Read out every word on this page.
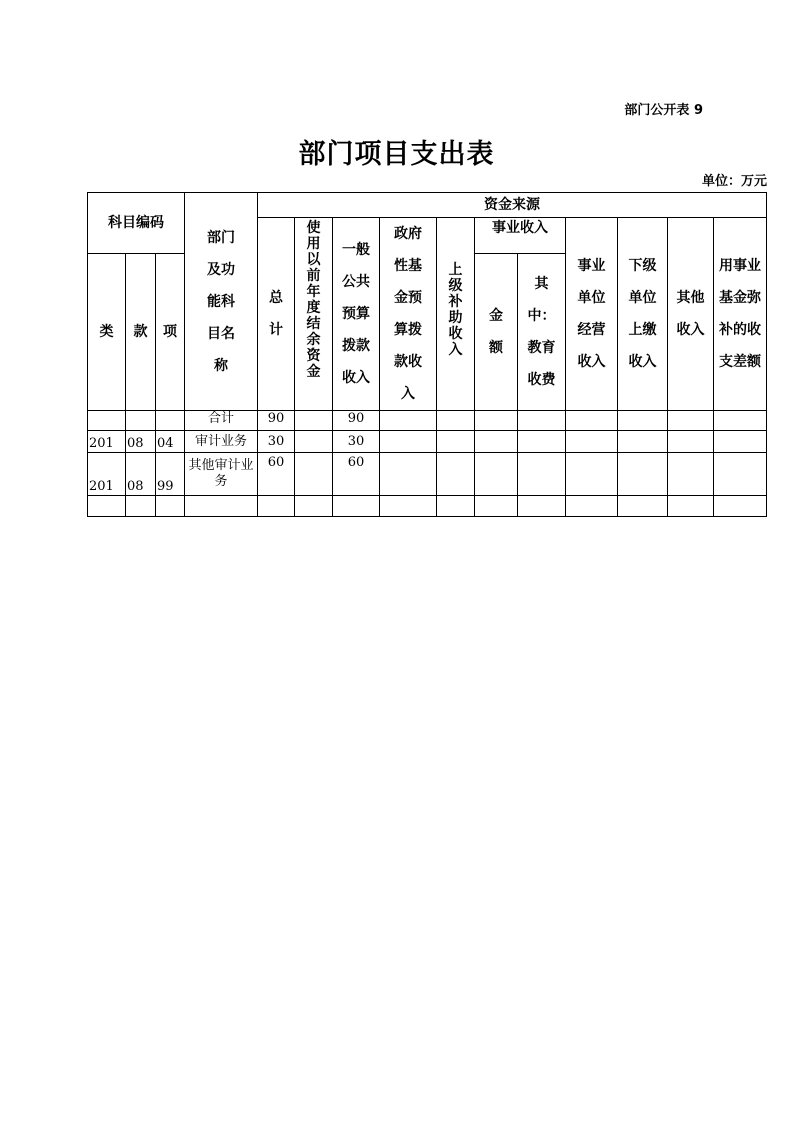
部门公开表 9
部门项目支出表
单位：万元
科目编码			部门及功能科目名称	资金来源										
				总计	使用以前年度结余资金	一般公共预算拨款收入	政府性基金预算拨款收入	上级补助收入	事业收入		事业单位经营收入	下级单位上缴收入	其他收入	用事业基金弥补的收支差额
类	款	项							金额	其中：教育收费				
			合计	90		90								
201	08	04	审计业务	30		30								
201	08	99	其他审计业务	60		60								
